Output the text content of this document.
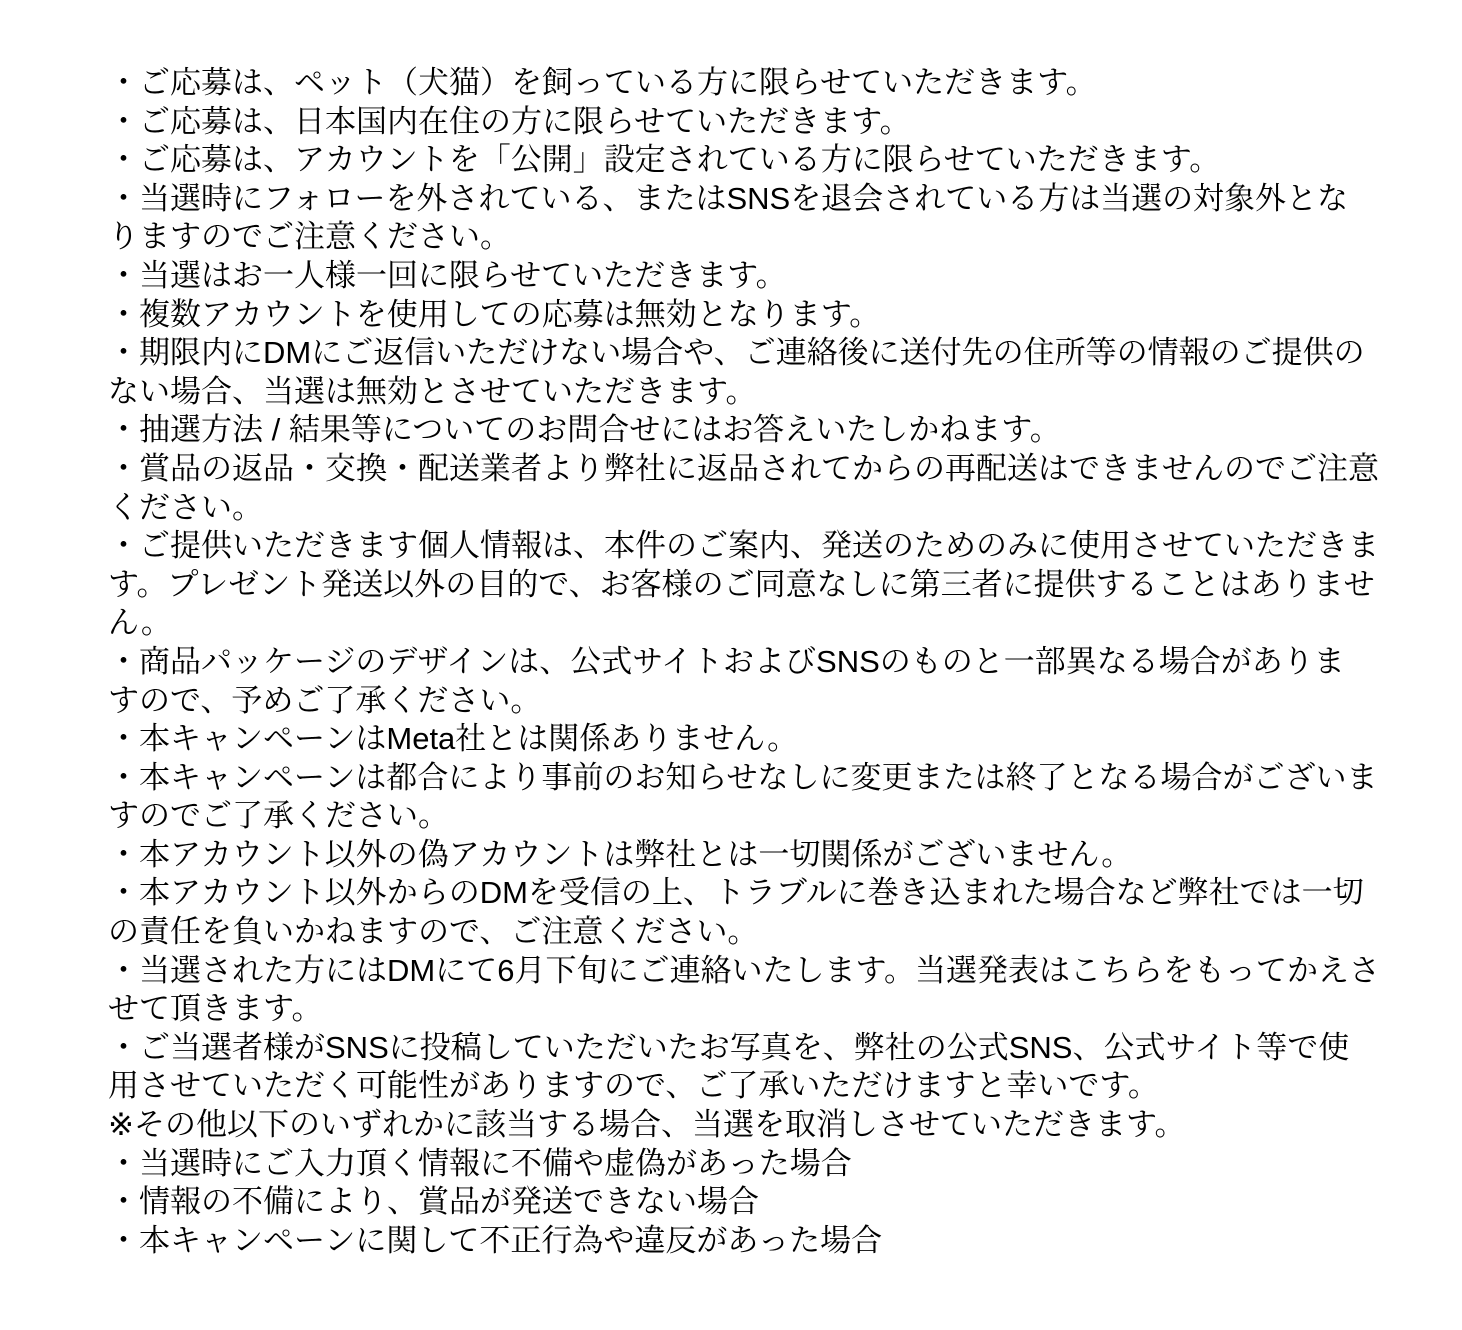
・ご応募は、ペット（犬猫）を飼っている方に限らせていただきます。
・ご応募は、日本国内在住の方に限らせていただきます。
・ご応募は、アカウントを「公開」設定されている方に限らせていただきます。
・当選時にフォローを外されている、またはSNSを退会されている方は当選の対象外とな
りますのでご注意ください。
・当選はお一人様一回に限らせていただきます。
・複数アカウントを使用しての応募は無効となります。
・期限内にDMにご返信いただけない場合や、ご連絡後に送付先の住所等の情報のご提供の
ない場合、当選は無効とさせていただきます。
・抽選方法 / 結果等についてのお問合せにはお答えいたしかねます。
・賞品の返品・交換・配送業者より弊社に返品されてからの再配送はできませんのでご注意
ください。
・ご提供いただきます個人情報は、本件のご案内、発送のためのみに使用させていただきま
す。プレゼント発送以外の目的で、お客様のご同意なしに第三者に提供することはありませ
ん。
・商品パッケージのデザインは、公式サイトおよびSNSのものと一部異なる場合がありま
すので、予めご了承ください。
・本キャンペーンはMeta社とは関係ありません。
・本キャンペーンは都合により事前のお知らせなしに変更または終了となる場合がございま
すのでご了承ください。
・本アカウント以外の偽アカウントは弊社とは一切関係がございません。
・本アカウント以外からのDMを受信の上、トラブルに巻き込まれた場合など弊社では一切
の責任を負いかねますので、ご注意ください。
・当選された方にはDMにて6月下旬にご連絡いたします。当選発表はこちらをもってかえさ
せて頂きます。
・ご当選者様がSNSに投稿していただいたお写真を、弊社の公式SNS、公式サイト等で使
用させていただく可能性がありますので、ご了承いただけますと幸いです。
※その他以下のいずれかに該当する場合、当選を取消しさせていただきます。
・当選時にご入力頂く情報に不備や虚偽があった場合
・情報の不備により、賞品が発送できない場合
・本キャンペーンに関して不正行為や違反があった場合
